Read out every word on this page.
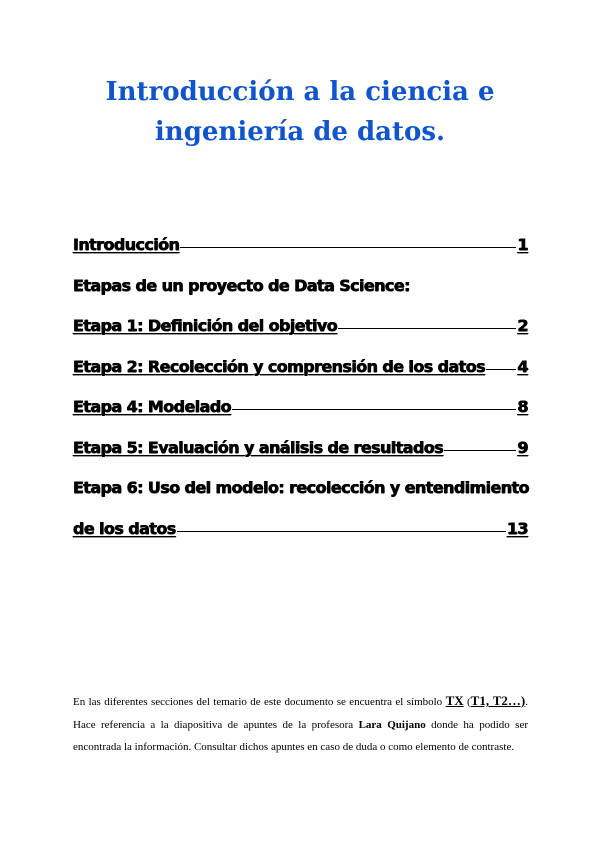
Introducción a la ciencia e
ingeniería de datos.
Introducción	1
Etapas de un proyecto de Data Science:
Etapa 1: Definición del objetivo	2
Etapa 2: Recolección y comprensión de los datos 4
Etapa 4: Modelado	8
Etapa 5: Evaluación y análisis de resultados	9
Etapa 6: Uso del modelo: recolección y entendimiento
de los datos	13
En las diferentes secciones del temario de este documento se encuentra el símbolo TX (T1, T2…). Hace referencia a la diapositiva de apuntes de la profesora Lara Quijano donde ha podido ser encontrada la información. Consultar dichos apuntes en caso de duda o como elemento de contraste.
